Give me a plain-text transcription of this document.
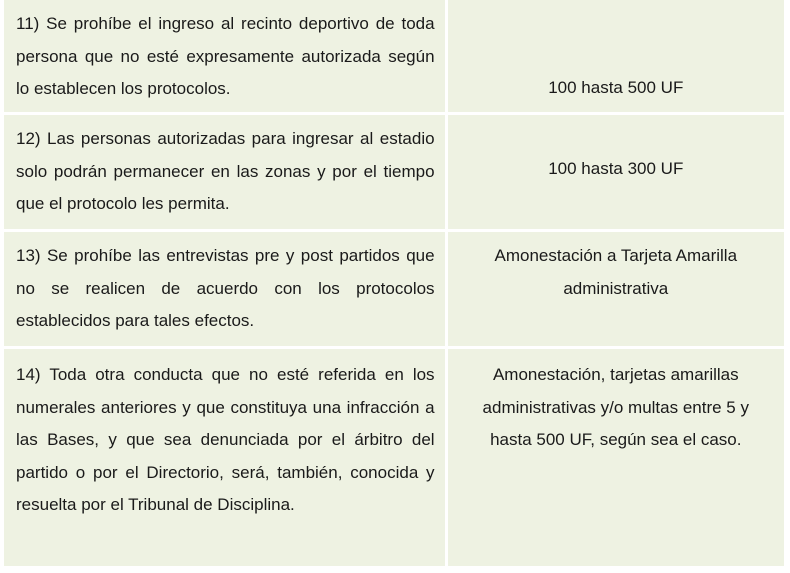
11) Se prohíbe el ingreso al recinto deportivo de toda persona que no esté expresamente autorizada según lo establecen los protocolos.	100 hasta 500 UF

12) Las personas autorizadas para ingresar al estadio solo podrán permanecer en las zonas y por el tiempo que el protocolo les permita.	100 hasta 300 UF

13) Se prohíbe las entrevistas pre y post partidos que no se realicen de acuerdo con los protocolos establecidos para tales efectos.	Amonestación a Tarjeta Amarilla administrativa

14) Toda otra conducta que no esté referida en los numerales anteriores y que constituya una infracción a las Bases, y que sea denunciada por el árbitro del partido o por el Directorio, será, también, conocida y resuelta por el Tribunal de Disciplina.	Amonestación, tarjetas amarillas administrativas y/o multas entre 5 y hasta 500 UF, según sea el caso.
